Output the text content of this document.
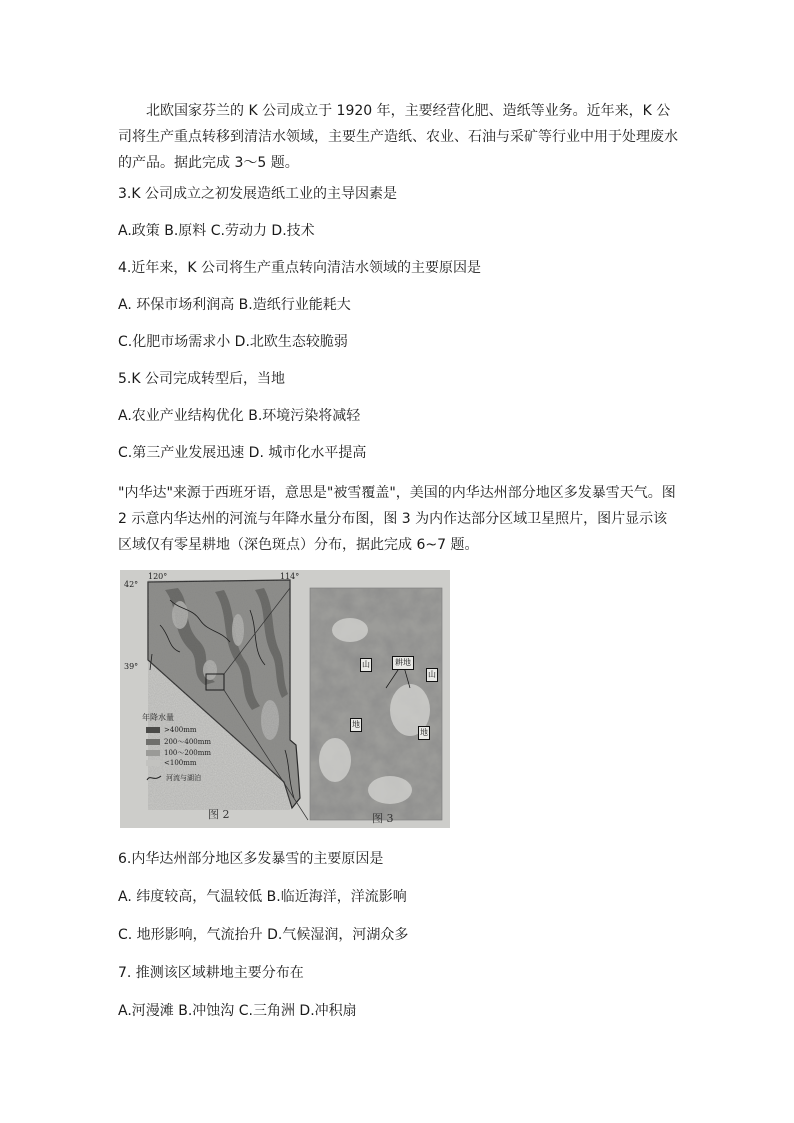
北欧国家芬兰的 K 公司成立于 1920 年，主要经营化肥、造纸等业务。近年来，K 公司将生产重点转移到清洁水领域，主要生产造纸、农业、石油与采矿等行业中用于处理废水的产品。据此完成 3～5 题。

3.K 公司成立之初发展造纸工业的主导因素是
A.政策 B.原料 C.劳动力 D.技术
4.近年来，K 公司将生产重点转向清洁水领域的主要原因是
A. 环保市场利润高 B.造纸行业能耗大
C.化肥市场需求小 D.北欧生态较脆弱
5.K 公司完成转型后，当地
A.农业产业结构优化 B.环境污染将减轻
C.第三产业发展迅速 D. 城市化水平提高

"内华达"来源于西班牙语，意思是"被雪覆盖"，美国的内华达州部分地区多发暴雪天气。图 2 示意内华达州的河流与年降水量分布图，图 3 为内作达部分区域卫星照片，图片显示该区域仅有零星耕地（深色斑点）分布，据此完成 6~7 题。

120°	114°
42°
39°
年降水量
>400mm
200～400mm
100～200mm
<100mm
河流与湖泊
山	耕地
山
地
地
图 2	图 3
6.内华达州部分地区多发暴雪的主要原因是
A. 纬度较高，气温较低 B.临近海洋，洋流影响
C. 地形影响，气流抬升 D.气候湿润，河湖众多
7. 推测该区域耕地主要分布在
A.河漫滩 B.冲蚀沟 C.三角洲 D.冲积扇
